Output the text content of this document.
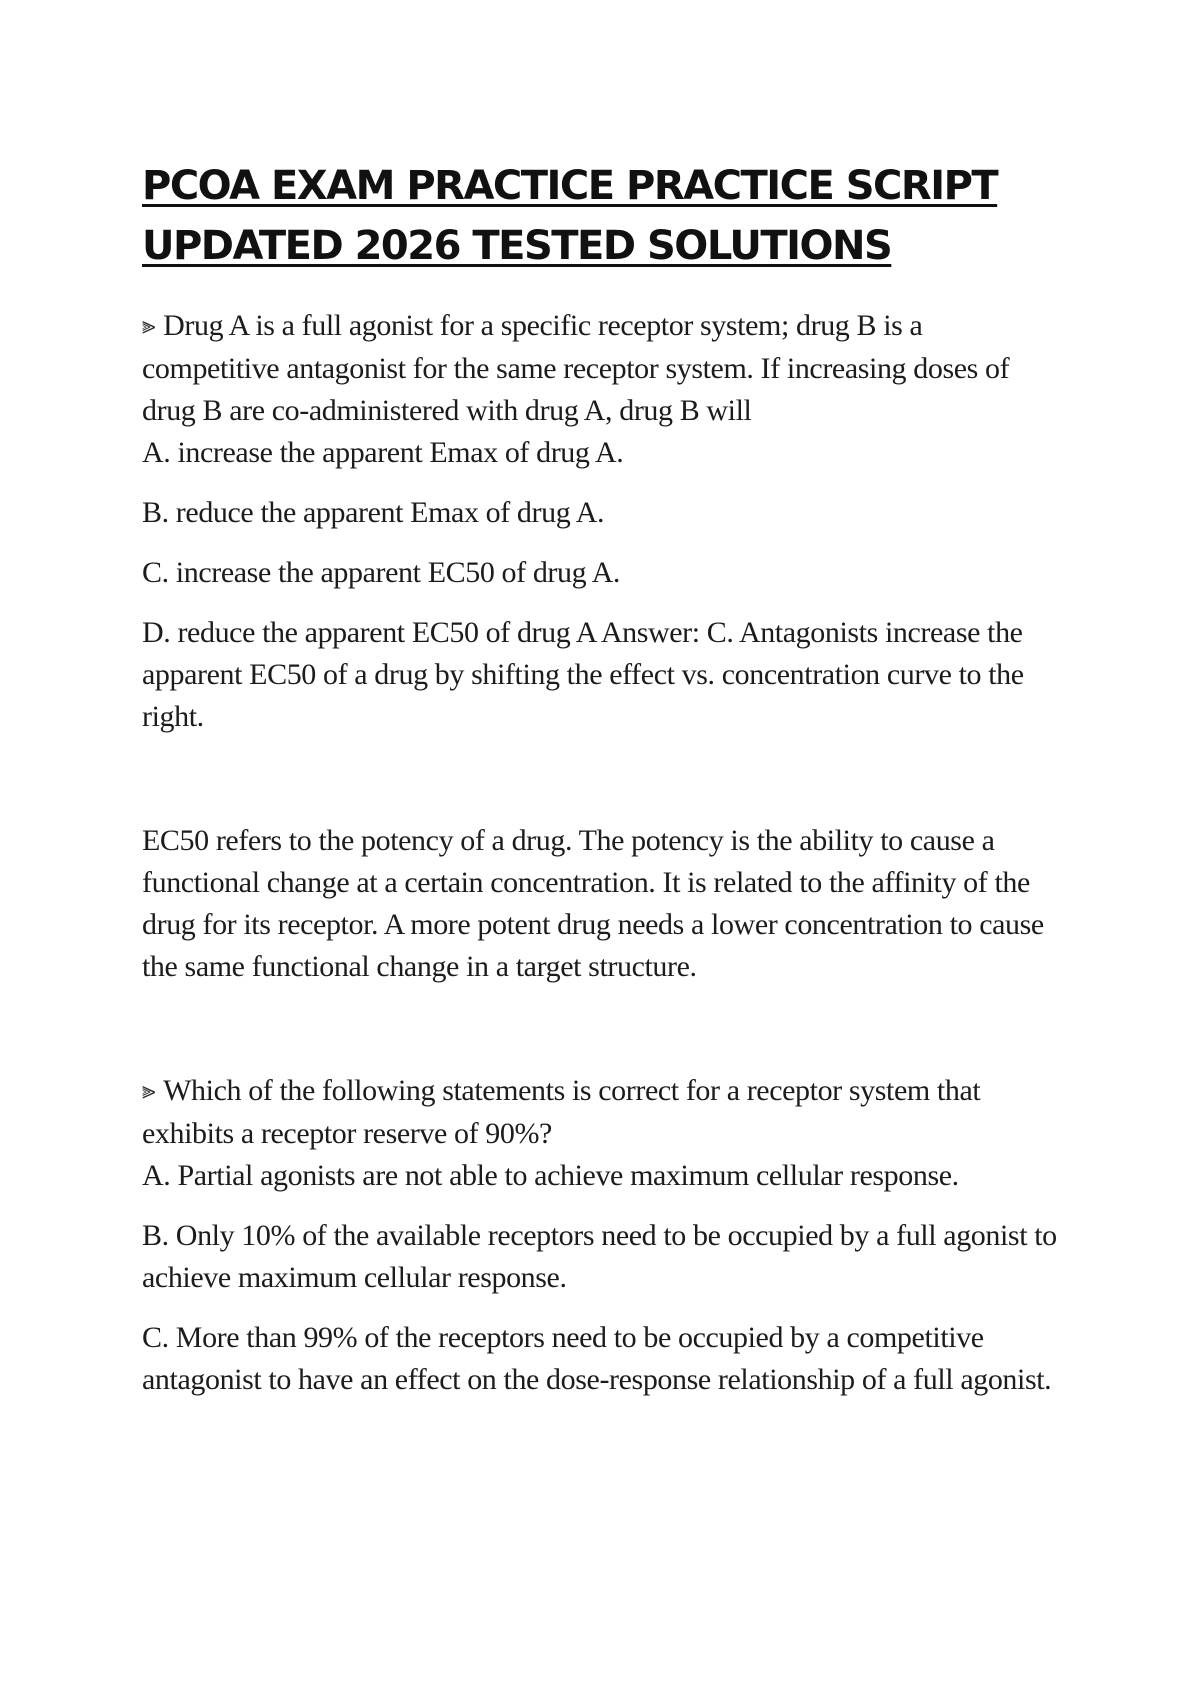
PCOA EXAM PRACTICE PRACTICE SCRIPT
UPDATED 2026 TESTED SOLUTIONS

⫸ Drug A is a full agonist for a specific receptor system; drug B is a competitive antagonist for the same receptor system. If increasing doses of drug B are co-administered with drug A, drug B will

A. increase the apparent Emax of drug A.

B. reduce the apparent Emax of drug A.

C. increase the apparent EC50 of drug A.

D. reduce the apparent EC50 of drug A Answer: C. Antagonists increase the apparent EC50 of a drug by shifting the effect vs. concentration curve to the right.

EC50 refers to the potency of a drug. The potency is the ability to cause a functional change at a certain concentration. It is related to the affinity of the drug for its receptor. A more potent drug needs a lower concentration to cause the same functional change in a target structure.

⫸ Which of the following statements is correct for a receptor system that exhibits a receptor reserve of 90%?

A. Partial agonists are not able to achieve maximum cellular response.

B. Only 10% of the available receptors need to be occupied by a full agonist to achieve maximum cellular response.

C. More than 99% of the receptors need to be occupied by a competitive antagonist to have an effect on the dose-response relationship of a full agonist.
